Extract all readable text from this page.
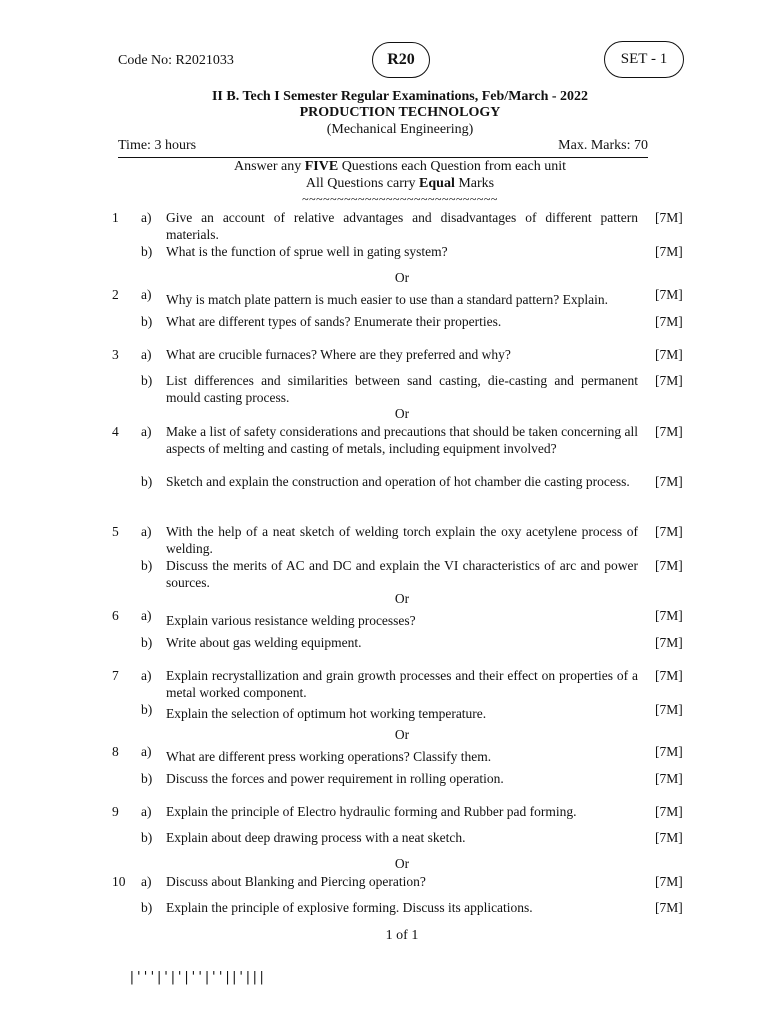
Code No: R2021033	R20	SET - 1
II B. Tech I Semester Regular Examinations, Feb/March - 2022
PRODUCTION TECHNOLOGY
(Mechanical Engineering)
Time: 3 hours	Max. Marks: 70
Answer any FIVE Questions each Question from each unit
All Questions carry Equal Marks
~~~~~~~~~~~~~~~~~~~~~~~~~~~~
1	a) Give an account of relative advantages and disadvantages of different pattern materials.
[7M]
b) What is the function of sprue well in gating system?	[7M]
Or
2	a) Why is match plate pattern is much easier to use than a standard pattern? Explain.	[7M]
b) What are different types of sands? Enumerate their properties.	[7M]
3	a) What are crucible furnaces? Where are they preferred and why?	[7M]
b) List differences and similarities between sand casting, die-casting and permanent mould casting process.
[7M]
Or
4	a) Make a list of safety considerations and precautions that should be taken concerning all aspects of melting and casting of metals, including equipment involved?
[7M]
b) Sketch and explain the construction and operation of hot chamber die casting process.	[7M]
5	a) With the help of a neat sketch of welding torch explain the oxy acetylene process of welding.
[7M]
b) Discuss the merits of AC and DC and explain the VI characteristics of arc and power sources.
[7M]
Or
6	a) Explain various resistance welding processes?	[7M]
b) Write about gas welding equipment.	[7M]
7	a) Explain recrystallization and grain growth processes and their effect on properties of a metal worked component.
[7M]
b) Explain the selection of optimum hot working temperature.	[7M]
Or
8	a) What are different press working operations? Classify them.	[7M]
b) Discuss the forces and power requirement in rolling operation.	[7M]
9	a) Explain the principle of Electro hydraulic forming and Rubber pad forming.	[7M]
b) Explain about deep drawing process with a neat sketch.	[7M]
Or
10	a) Discuss about Blanking and Piercing operation?	[7M]
b) Explain the principle of explosive forming. Discuss its applications.	[7M]
1 of 1
|'''|'|'|''|''||'|||
